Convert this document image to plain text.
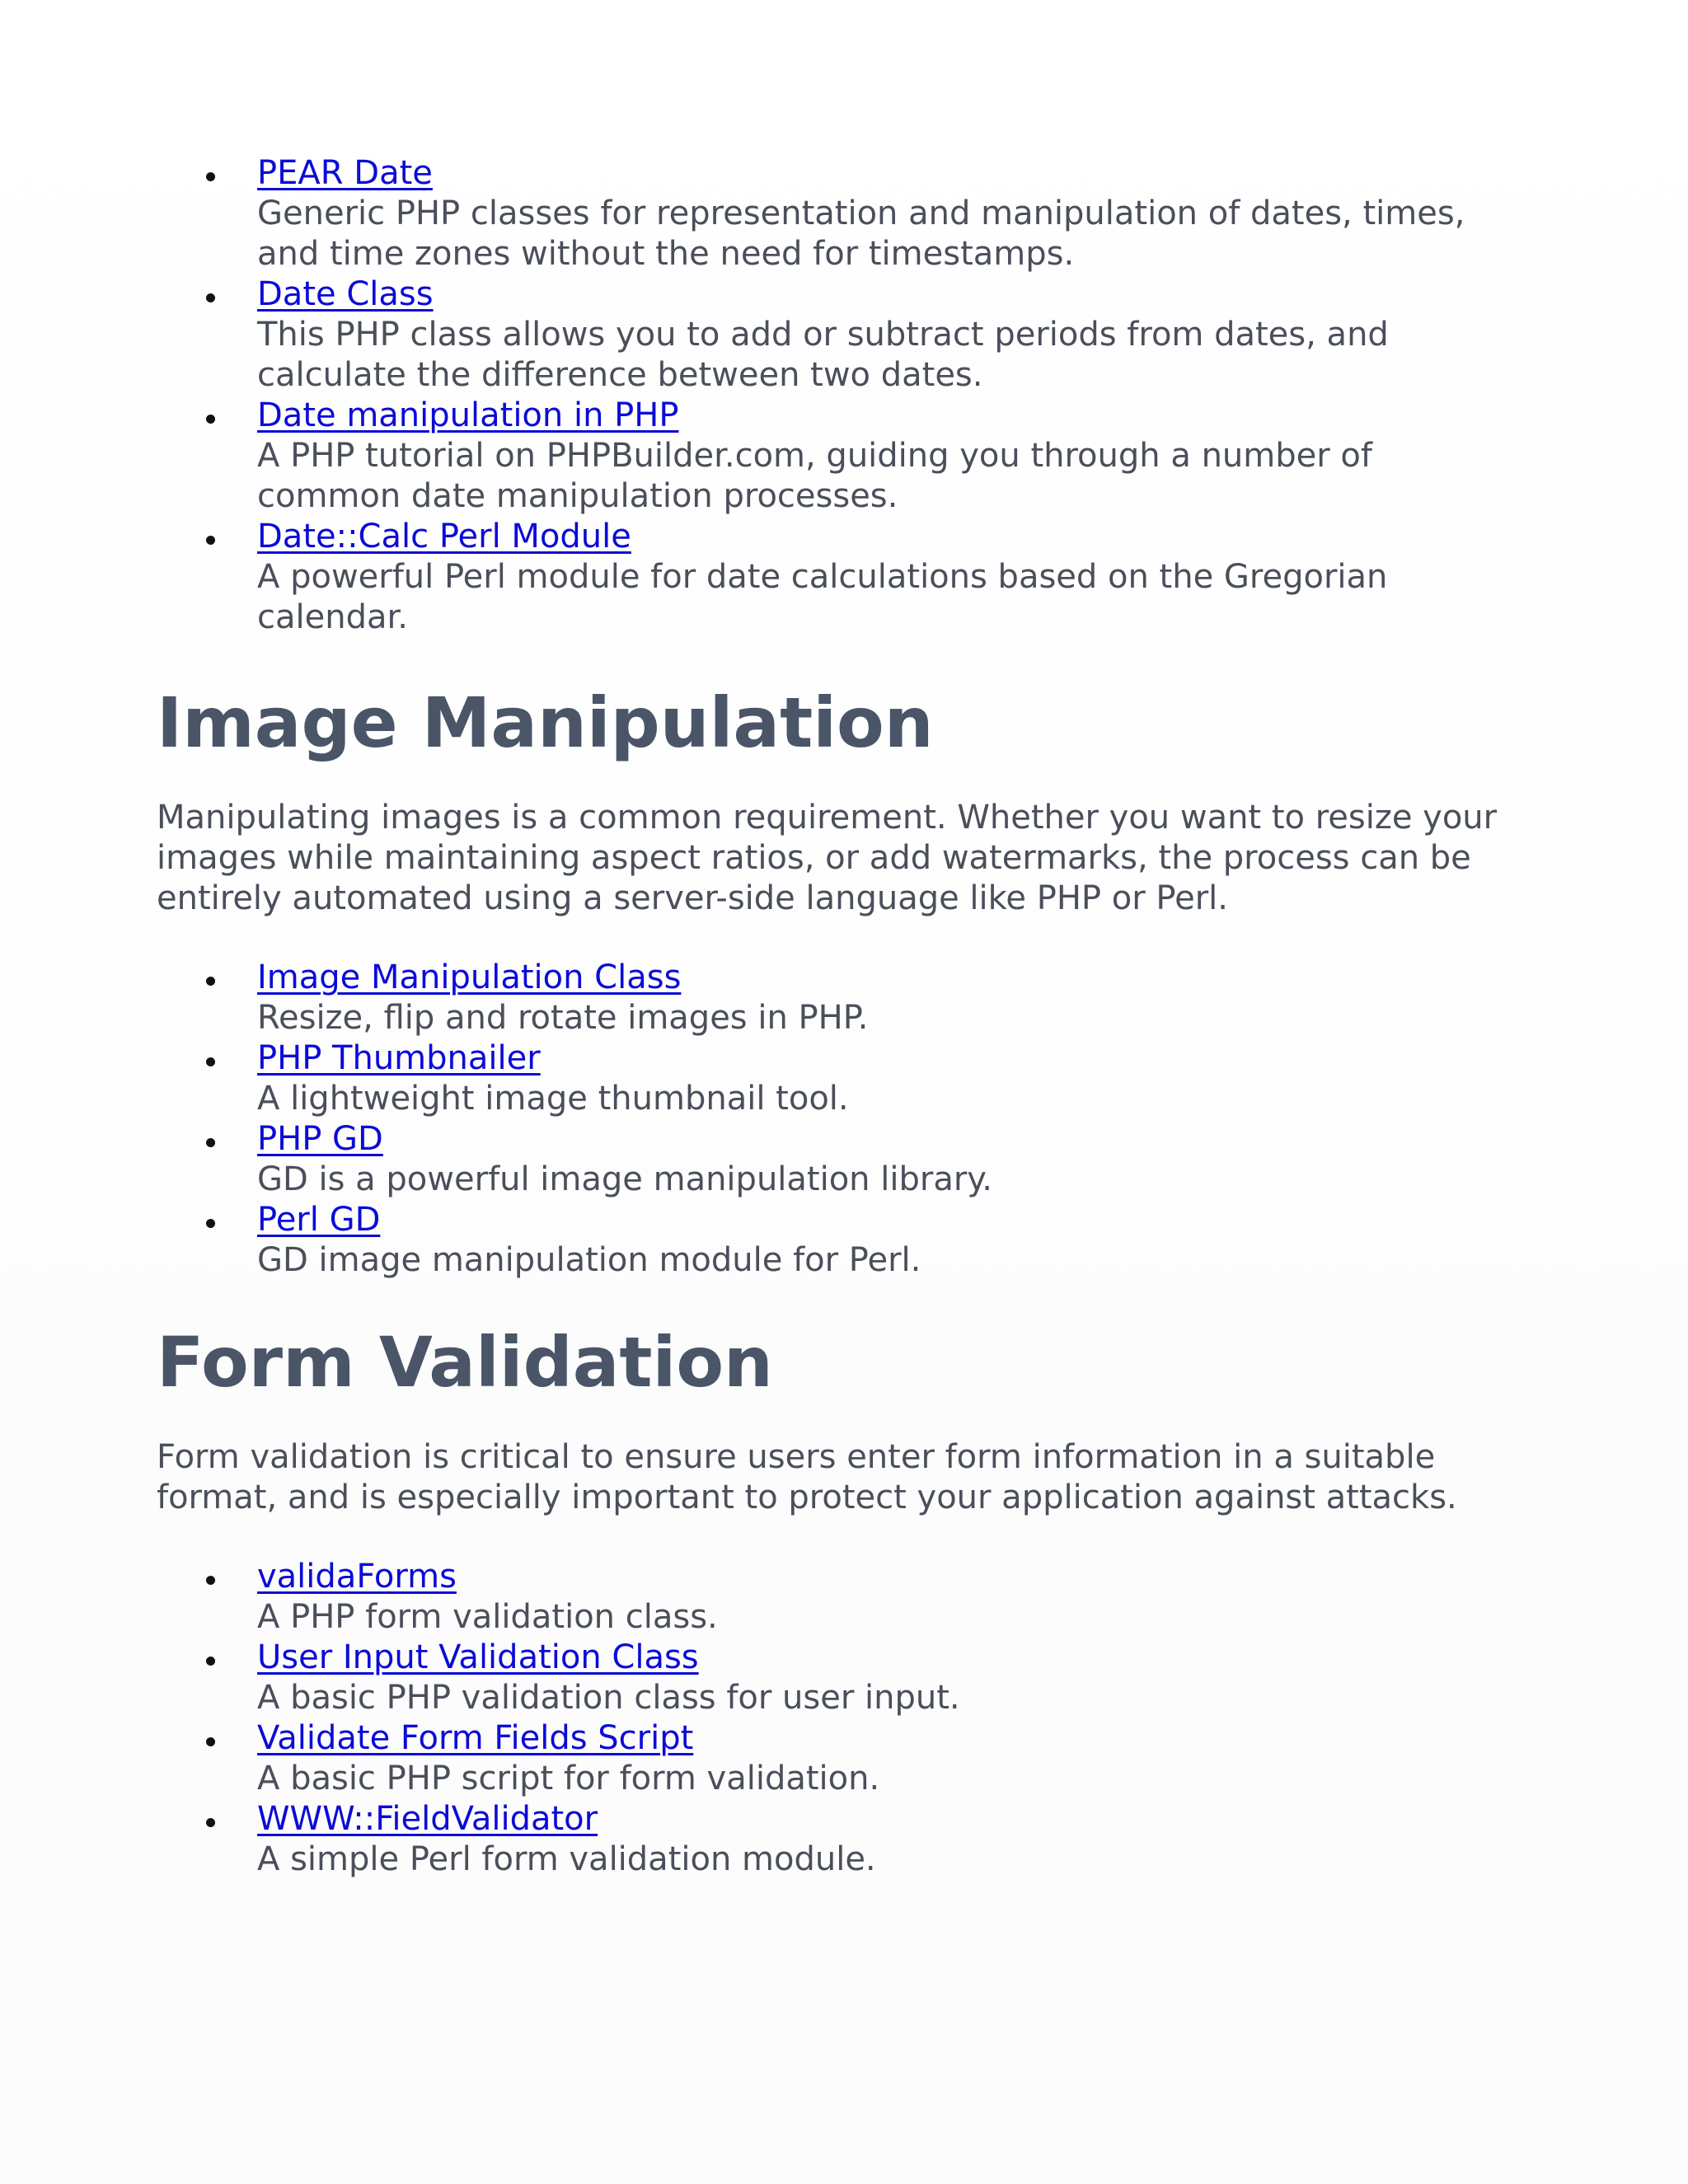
PEAR Date
Generic PHP classes for representation and manipulation of dates, times, and time zones without the need for timestamps.
Date Class
This PHP class allows you to add or subtract periods from dates, and calculate the difference between two dates.
Date manipulation in PHP
A PHP tutorial on PHPBuilder.com, guiding you through a number of common date manipulation processes.
Date::Calc Perl Module
A powerful Perl module for date calculations based on the Gregorian calendar.
Image Manipulation

Manipulating images is a common requirement. Whether you want to resize your images while maintaining aspect ratios, or add watermarks, the process can be entirely automated using a server-side language like PHP or Perl.

Image Manipulation Class
Resize, flip and rotate images in PHP.
PHP Thumbnailer
A lightweight image thumbnail tool.
PHP GD
GD is a powerful image manipulation library.
Perl GD
GD image manipulation module for Perl.
Form Validation

Form validation is critical to ensure users enter form information in a suitable format, and is especially important to protect your application against attacks.

validaForms
A PHP form validation class.
User Input Validation Class
A basic PHP validation class for user input.
Validate Form Fields Script
A basic PHP script for form validation.
WWW::FieldValidator
A simple Perl form validation module.
